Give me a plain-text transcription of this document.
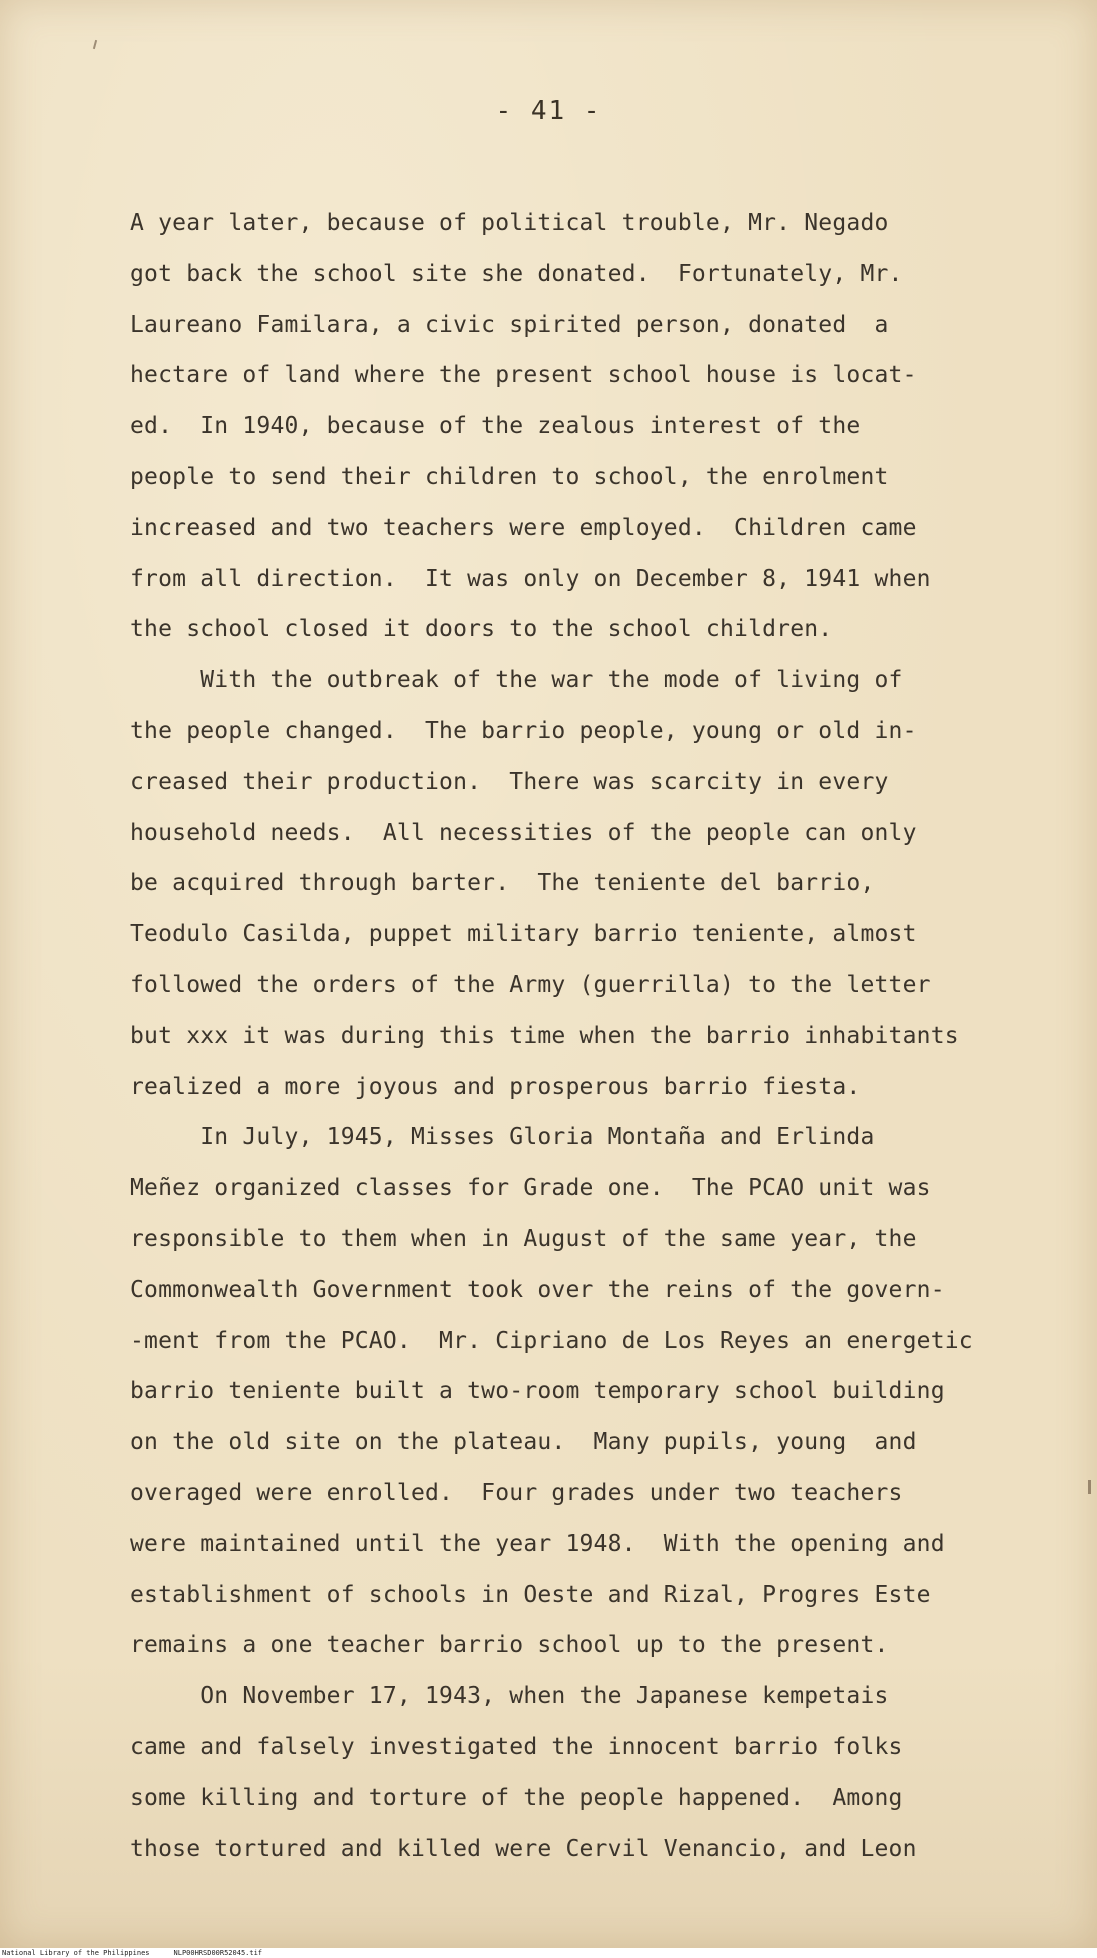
- 41 -
A year later, because of political trouble, Mr. Negado
got back the school site she donated.  Fortunately, Mr.
Laureano Familara, a civic spirited person, donated  a
hectare of land where the present school house is locat-
ed.  In 1940, because of the zealous interest of the
people to send their children to school, the enrolment
increased and two teachers were employed.  Children came
from all direction.  It was only on December 8, 1941 when
the school closed it doors to the school children.
With the outbreak of the war the mode of living of
the people changed.  The barrio people, young or old in-
creased their production.  There was scarcity in every
household needs.  All necessities of the people can only
be acquired through barter.  The teniente del barrio,
Teodulo Casilda, puppet military barrio teniente, almost
followed the orders of the Army (guerrilla) to the letter
but xxx it was during this time when the barrio inhabitants
realized a more joyous and prosperous barrio fiesta.
In July, 1945, Misses Gloria Montaña and Erlinda
Meñez organized classes for Grade one.  The PCAO unit was
responsible to them when in August of the same year, the
Commonwealth Government took over the reins of the govern-
-ment from the PCAO.  Mr. Cipriano de Los Reyes an energetic
barrio teniente built a two-room temporary school building
on the old site on the plateau.  Many pupils, young  and
overaged were enrolled.  Four grades under two teachers
were maintained until the year 1948.  With the opening and
establishment of schools in Oeste and Rizal, Progres Este
remains a one teacher barrio school up to the present.
On November 17, 1943, when the Japanese kempetais
came and falsely investigated the innocent barrio folks
some killing and torture of the people happened.  Among
those tortured and killed were Cervil Venancio, and Leon
National Library of the Philippines	NLP00HRSD00R52045.tif
